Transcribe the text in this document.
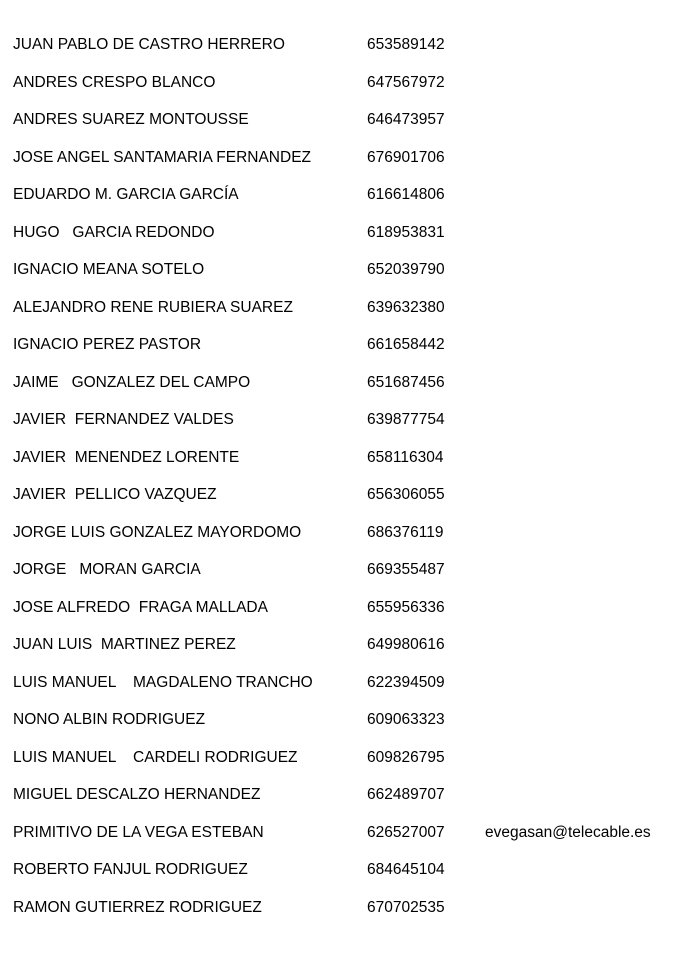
JUAN PABLO DE CASTRO HERRERO	653589142
ANDRES CRESPO BLANCO	647567972
ANDRES SUAREZ MONTOUSSE	646473957
JOSE ANGEL SANTAMARIA FERNANDEZ	676901706
EDUARDO M. GARCIA GARCÍA	616614806
HUGO   GARCIA REDONDO	618953831
IGNACIO MEANA SOTELO	652039790
ALEJANDRO RENE RUBIERA SUAREZ	639632380
IGNACIO PEREZ PASTOR	661658442
JAIME   GONZALEZ DEL CAMPO	651687456
JAVIER  FERNANDEZ VALDES	639877754
JAVIER  MENENDEZ LORENTE	658116304
JAVIER  PELLICO VAZQUEZ	656306055
JORGE LUIS GONZALEZ MAYORDOMO	686376119
JORGE   MORAN GARCIA	669355487
JOSE ALFREDO  FRAGA MALLADA	655956336
JUAN LUIS  MARTINEZ PEREZ	649980616
LUIS MANUEL    MAGDALENO TRANCHO	622394509
NONO ALBIN RODRIGUEZ	609063323
LUIS MANUEL    CARDELI RODRIGUEZ	609826795
MIGUEL DESCALZO HERNANDEZ	662489707
PRIMITIVO DE LA VEGA ESTEBAN	626527007	evegasan@telecable.es
ROBERTO FANJUL RODRIGUEZ	684645104
RAMON GUTIERREZ RODRIGUEZ	670702535
